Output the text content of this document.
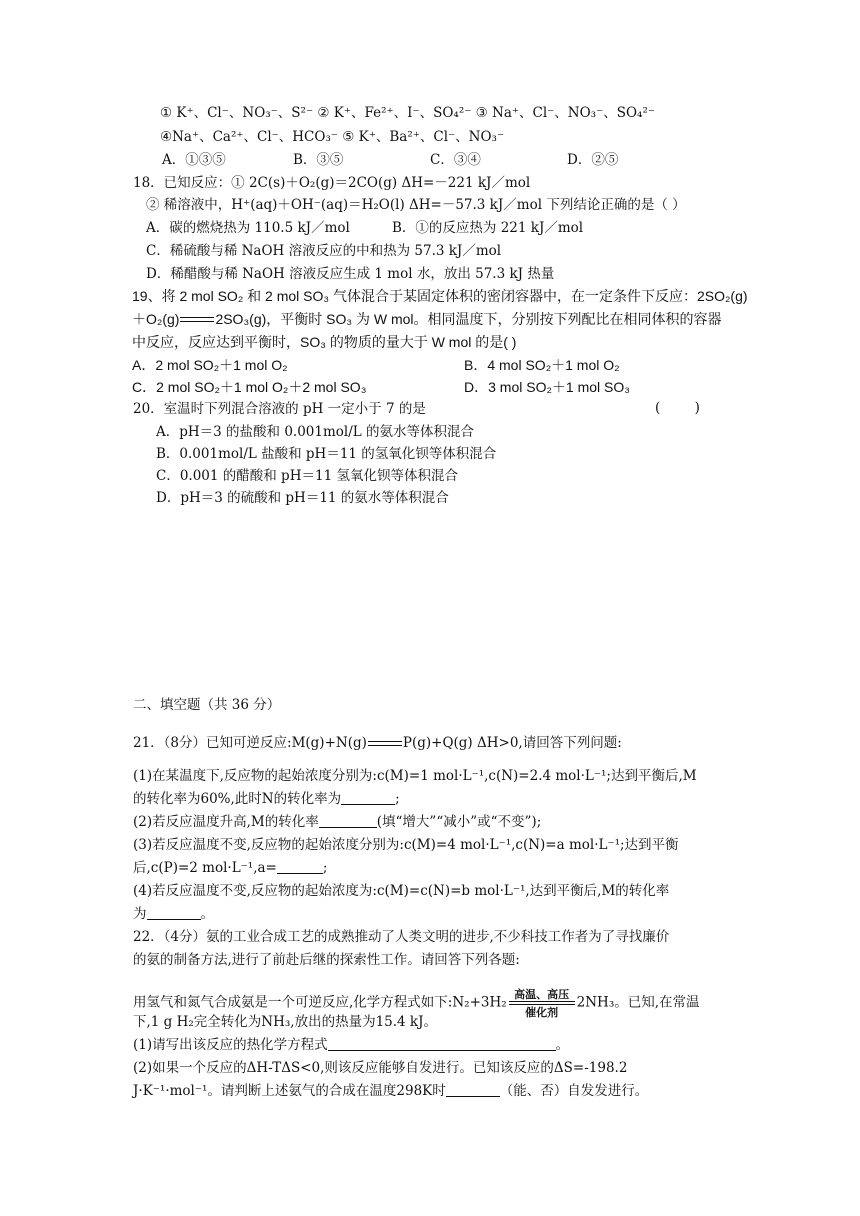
① K⁺、Cl⁻、NO₃⁻、S²⁻ ② K⁺、Fe²⁺、I⁻、SO₄²⁻ ③ Na⁺、Cl⁻、NO₃⁻、SO₄²⁻
④Na⁺、Ca²⁺、Cl⁻、HCO₃⁻ ⑤ K⁺、Ba²⁺、Cl⁻、NO₃⁻
A．①③⑤	B．③⑤	C．③④	D．②⑤
18．已知反应：① 2C(s)＋O₂(g)＝2CO(g) ΔH=－221 kJ／mol
② 稀溶液中，H⁺(aq)＋OH⁻(aq)＝H₂O(l) ΔH=－57.3 kJ／mol 下列结论正确的是（ ）
A．碳的燃烧热为 110.5 kJ／mol	B．①的反应热为 221 kJ／mol
C．稀硫酸与稀 NaOH 溶液反应的中和热为 57.3 kJ／mol
D．稀醋酸与稀 NaOH 溶液反应生成 1 mol 水，放出 57.3 kJ 热量
19、将 2 mol SO₂ 和 2 mol SO₃ 气体混合于某固定体积的密闭容器中，在一定条件下反应：2SO₂(g)
＋O₂(g)	2SO₃(g)，平衡时 SO₃ 为 W mol。相同温度下，分别按下列配比在相同体积的容器
中反应，反应达到平衡时，SO₃ 的物质的量大于 W mol 的是( )
A．2 mol SO₂＋1 mol O₂	B．4 mol SO₂＋1 mol O₂
C．2 mol SO₂＋1 mol O₂＋2 mol SO₃	D．3 mol SO₂＋1 mol SO₃
20．室温时下列混合溶液的 pH 一定小于 7 的是	(        )
A．pH＝3 的盐酸和 0.001mol/L 的氨水等体积混合
B．0.001mol/L 盐酸和 pH＝11 的氢氧化钡等体积混合
C．0.001 的醋酸和 pH＝11 氢氧化钡等体积混合
D．pH＝3 的硫酸和 pH＝11 的氨水等体积混合
二、填空题（共 36 分）
21．（8分）已知可逆反应:M(g)+N(g)	P(g)+Q(g) ΔH>0,请回答下列问题:
(1)在某温度下,反应物的起始浓度分别为:c(M)=1 mol·L⁻¹,c(N)=2.4 mol·L⁻¹;达到平衡后,M
的转化率为60%,此时N的转化率为	;
(2)若反应温度升高,M的转化率	(填“增大”“减小”或“不变”);
(3)若反应温度不变,反应物的起始浓度分别为:c(M)=4 mol·L⁻¹,c(N)=a mol·L⁻¹;达到平衡
后,c(P)=2 mol·L⁻¹,a=	;
(4)若反应温度不变,反应物的起始浓度为:c(M)=c(N)=b mol·L⁻¹,达到平衡后,M的转化率
为	。
22．（4分）氨的工业合成工艺的成熟推动了人类文明的进步,不少科技工作者为了寻找廉价
的氨的制备方法,进行了前赴后继的探索性工作。请回答下列各题:
用氢气和氮气合成氨是一个可逆反应,化学方程式如下:N₂+3H₂ 高温、高压
催化剂
2NH₃。已知,在常温
下,1 g H₂完全转化为NH₃,放出的热量为15.4 kJ。
(1)请写出该反应的热化学方程式	。
(2)如果一个反应的ΔH-TΔS<0,则该反应能够自发进行。已知该反应的ΔS=-198.2
J·K⁻¹·mol⁻¹。请判断上述氨气的合成在温度298K时	（能、否）自发发进行。
